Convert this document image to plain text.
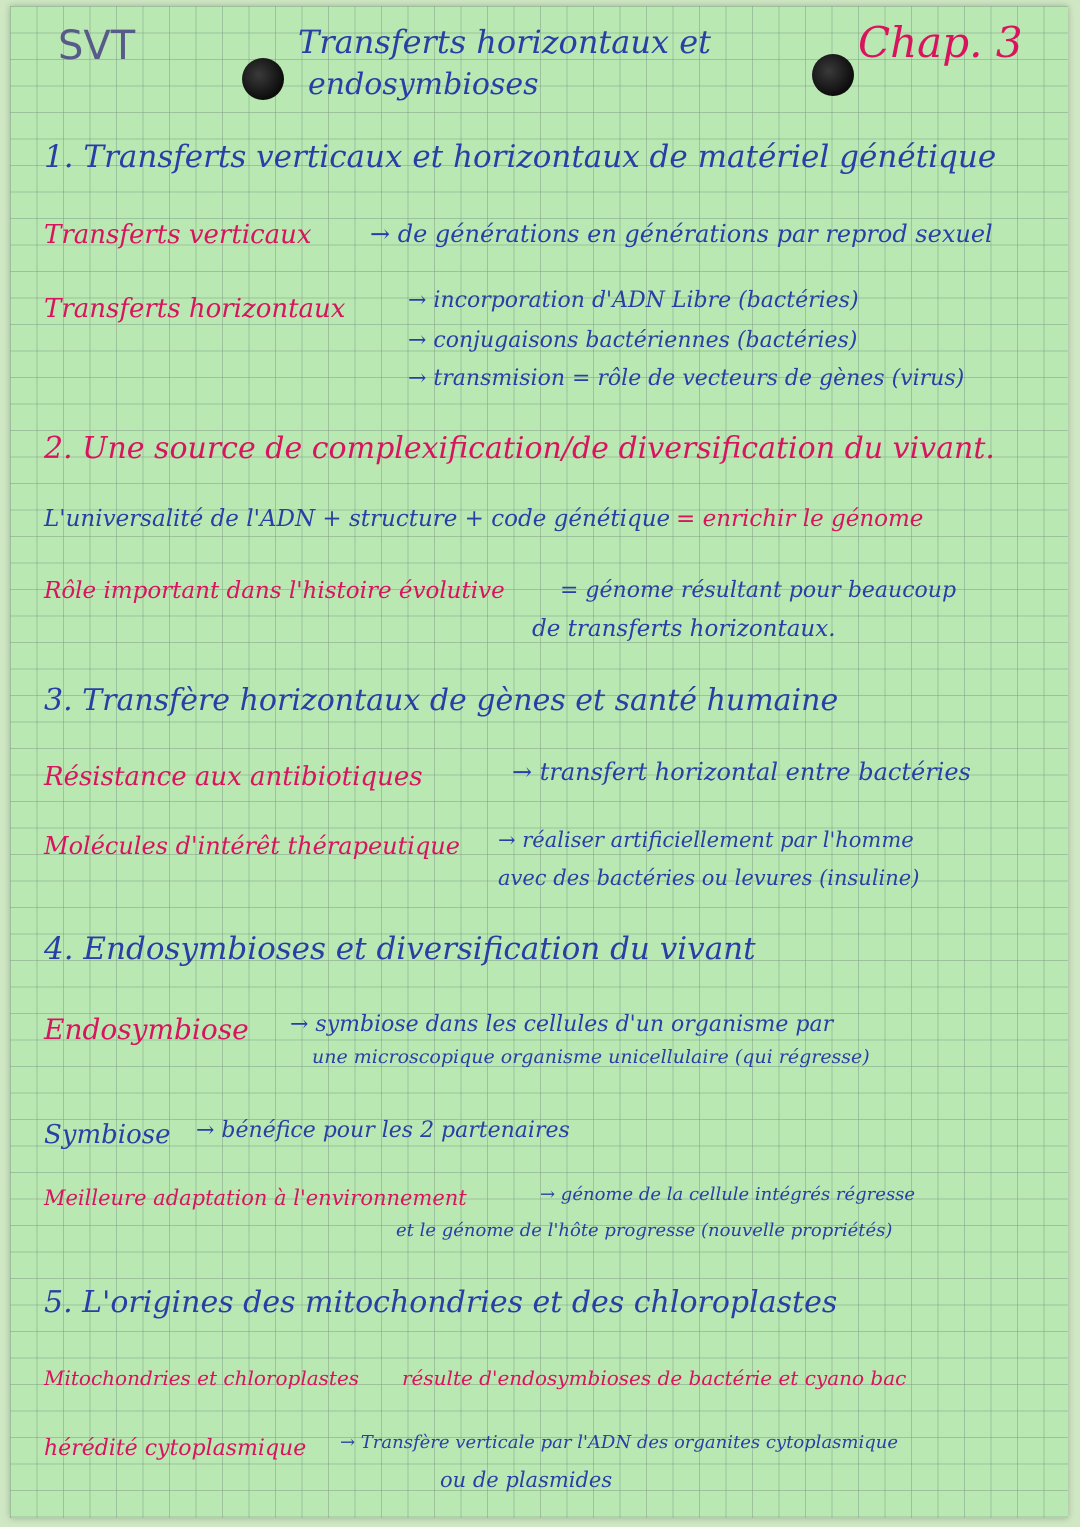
SVT	Transferts horizontaux et
endosymbioses
Chap. 3
1. Transferts verticaux et horizontaux de matériel génétique
Transferts verticaux → de générations en générations par reprod sexuel
Transferts horizontaux	→ incorporation d'ADN Libre (bactéries)
→ conjugaisons bactériennes (bactéries)
→ transmision = rôle de vecteurs de gènes (virus)
2. Une source de complexification/de diversification du vivant.
L'universalité de l'ADN + structure + code génétique = enrichir le génome
Rôle important dans l'histoire évolutive	= génome résultant pour beaucoup
de transferts horizontaux.
3. Transfère horizontaux de gènes et santé humaine
Résistance aux antibiotiques	→ transfert horizontal entre bactéries
Molécules d'intérêt thérapeutique → réaliser artificiellement par l'homme
avec des bactéries ou levures (insuline)
4. Endosymbioses et diversification du vivant
Endosymbiose → symbiose dans les cellules d'un organisme par
une microscopique organisme unicellulaire (qui régresse)
Symbiose → bénéfice pour les 2 partenaires
Meilleure adaptation à l'environnement	→ génome de la cellule intégrés régresse
et le génome de l'hôte progresse (nouvelle propriétés)
5. L'origines des mitochondries et des chloroplastes
Mitochondries et chloroplastes résulte d'endosymbioses de bactérie et cyano bac
hérédité cytoplasmique → Transfère verticale par l'ADN des organites cytoplasmique
ou de plasmides
